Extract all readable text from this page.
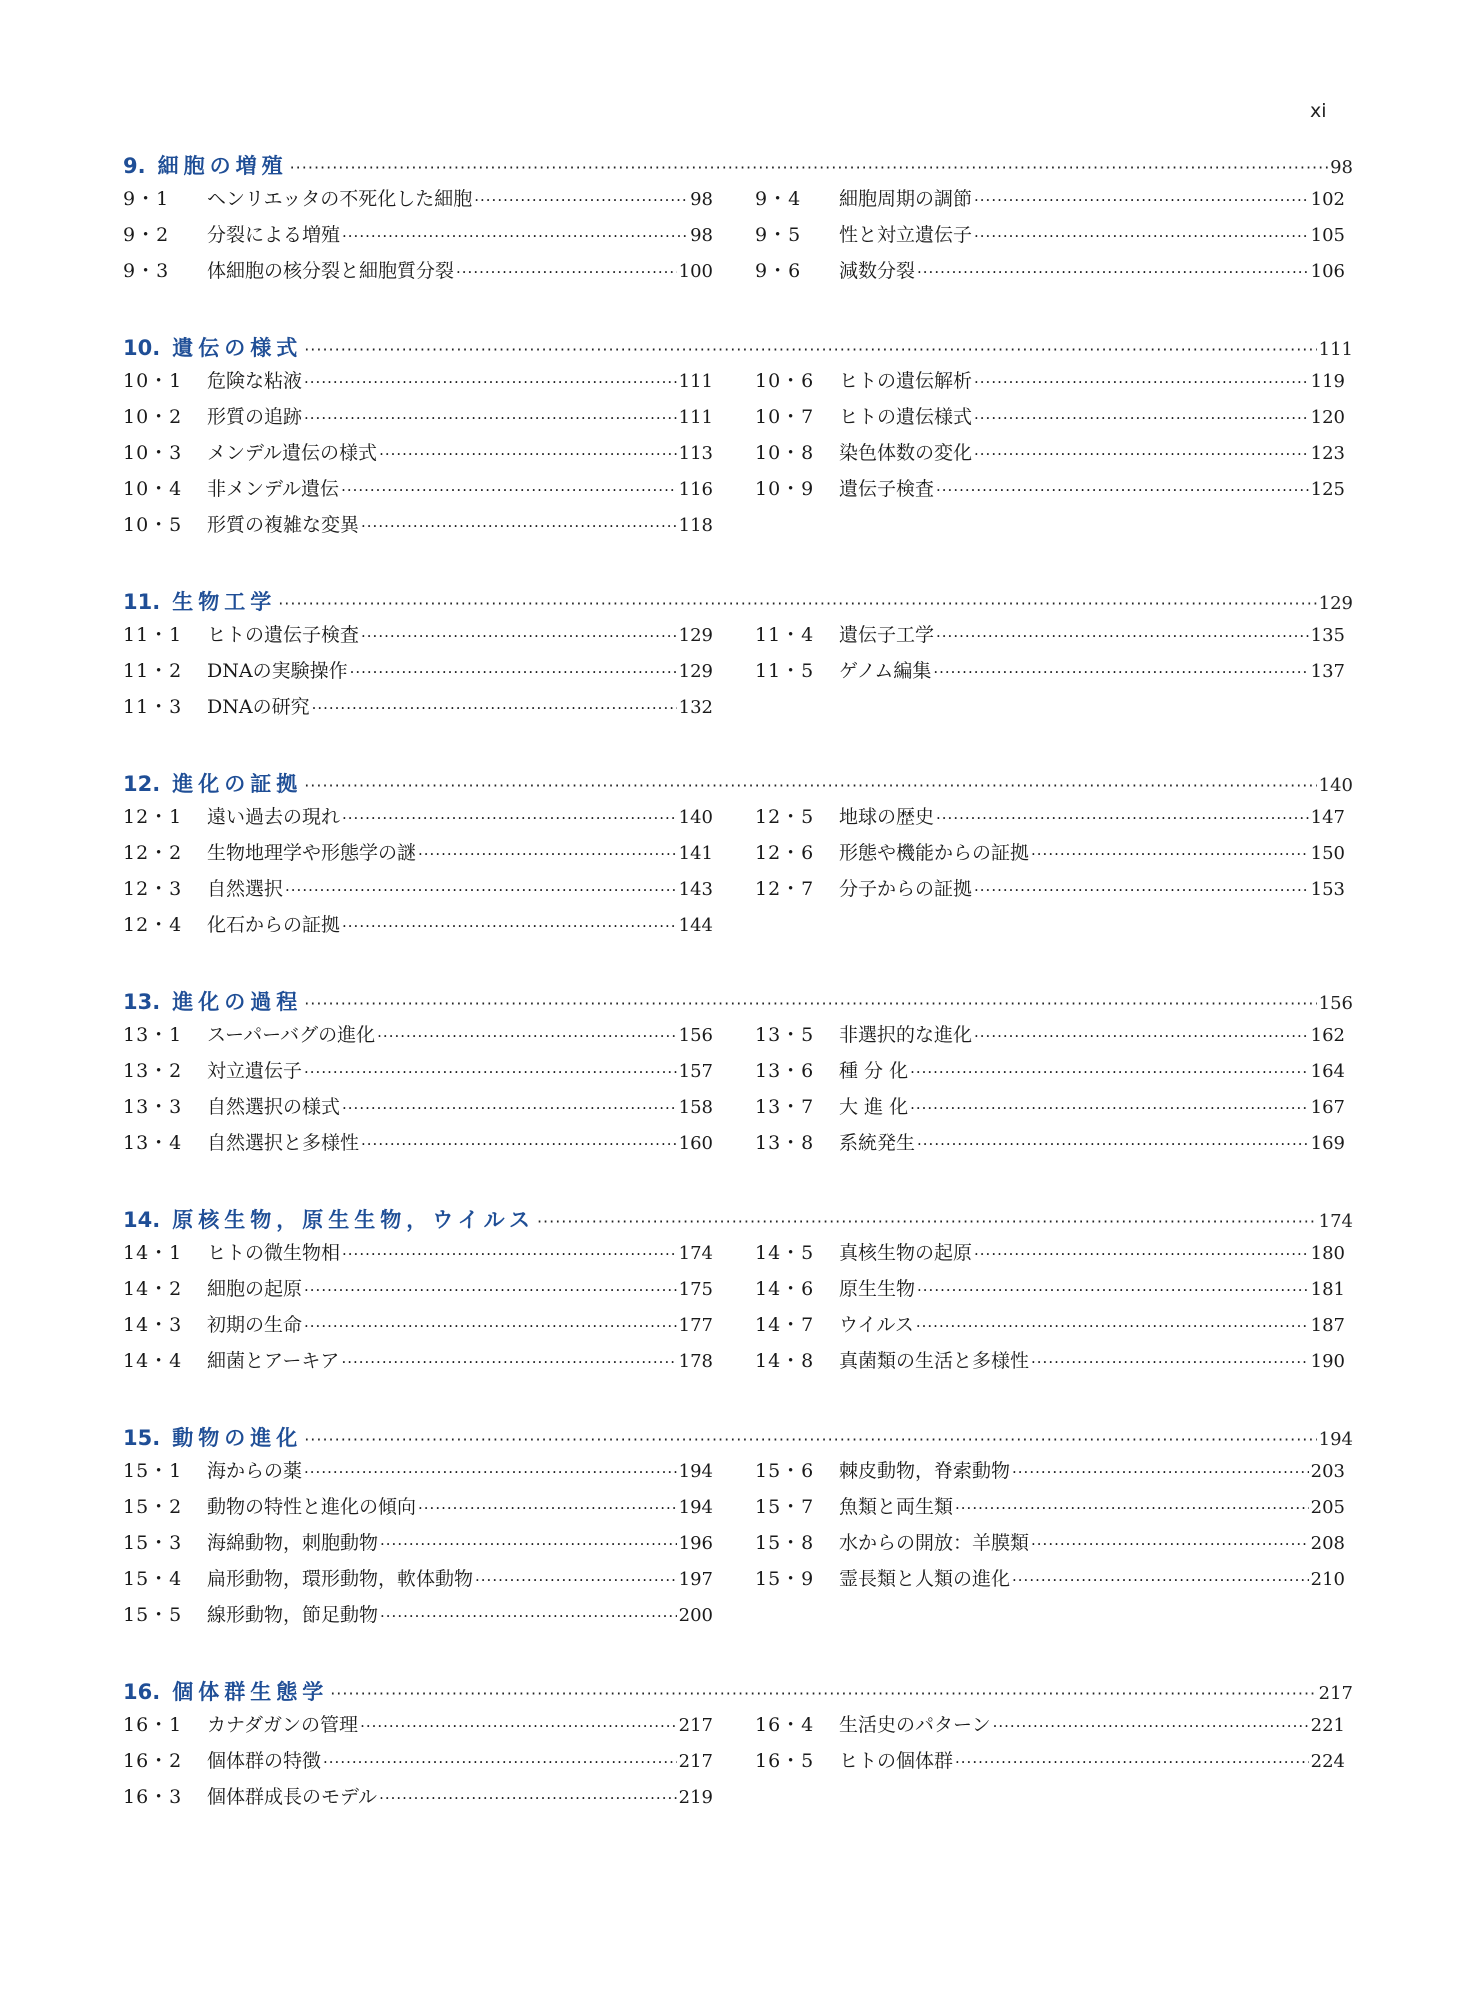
xi
9. 細胞の増殖 ·····	98
9・1	ヘンリエッタの不死化した細胞 ·····	98
9・2	分裂による増殖 ·····	98
9・3	体細胞の核分裂と細胞質分裂 ·····	100
9・4	細胞周期の調節 ·····	102
9・5	性と対立遺伝子 ·····	105
9・6	減数分裂 ·····	106
10. 遺伝の様式 ·····	111
10・1	危険な粘液 ·····	111
10・2	形質の追跡 ·····	111
10・3	メンデル遺伝の様式 ·····	113
10・4	非メンデル遺伝 ·····	116
10・5	形質の複雑な変異 ·····	118
10・6	ヒトの遺伝解析 ·····	119
10・7	ヒトの遺伝様式 ·····	120
10・8	染色体数の変化 ·····	123
10・9	遺伝子検査 ·····	125
11. 生物工学 ·····	129
11・1	ヒトの遺伝子検査 ·····	129
11・2	DNAの実験操作 ·····	129
11・3	DNAの研究 ·····	132
11・4	遺伝子工学 ·····	135
11・5	ゲノム編集 ·····	137
12. 進化の証拠 ·····	140
12・1	遠い過去の現れ ·····	140
12・2	生物地理学や形態学の謎 ·····	141
12・3	自然選択 ·····	143
12・4	化石からの証拠 ·····	144
12・5	地球の歴史 ·····	147
12・6	形態や機能からの証拠 ·····	150
12・7	分子からの証拠 ·····	153
13. 進化の過程 ·····	156
13・1	スーパーバグの進化 ·····	156
13・2	対立遺伝子 ·····	157
13・3	自然選択の様式 ·····	158
13・4	自然選択と多様性 ·····	160
13・5	非選択的な進化 ·····	162
13・6	種 分 化 ·····	164
13・7	大 進 化 ·····	167
13・8	系統発生 ·····	169
14. 原核生物，原生生物，ウイルス ·····	174
14・1	ヒトの微生物相 ·····	174
14・2	細胞の起原 ·····	175
14・3	初期の生命 ·····	177
14・4	細菌とアーキア ·····	178
14・5	真核生物の起原 ·····	180
14・6	原生生物 ·····	181
14・7	ウイルス ·····	187
14・8	真菌類の生活と多様性 ·····	190
15. 動物の進化 ·····	194
15・1	海からの薬 ·····	194
15・2	動物の特性と進化の傾向 ·····	194
15・3	海綿動物，刺胞動物 ·····	196
15・4	扁形動物，環形動物，軟体動物 ·····	197
15・5	線形動物，節足動物 ·····	200
15・6	棘皮動物，脊索動物 ·····	203
15・7	魚類と両生類 ·····	205
15・8	水からの開放：羊膜類 ·····	208
15・9	霊長類と人類の進化 ·····	210
16. 個体群生態学 ·····	217
16・1	カナダガンの管理 ·····	217
16・2	個体群の特徴 ·····	217
16・3	個体群成長のモデル ·····	219
16・4	生活史のパターン ·····	221
16・5	ヒトの個体群 ·····	224
